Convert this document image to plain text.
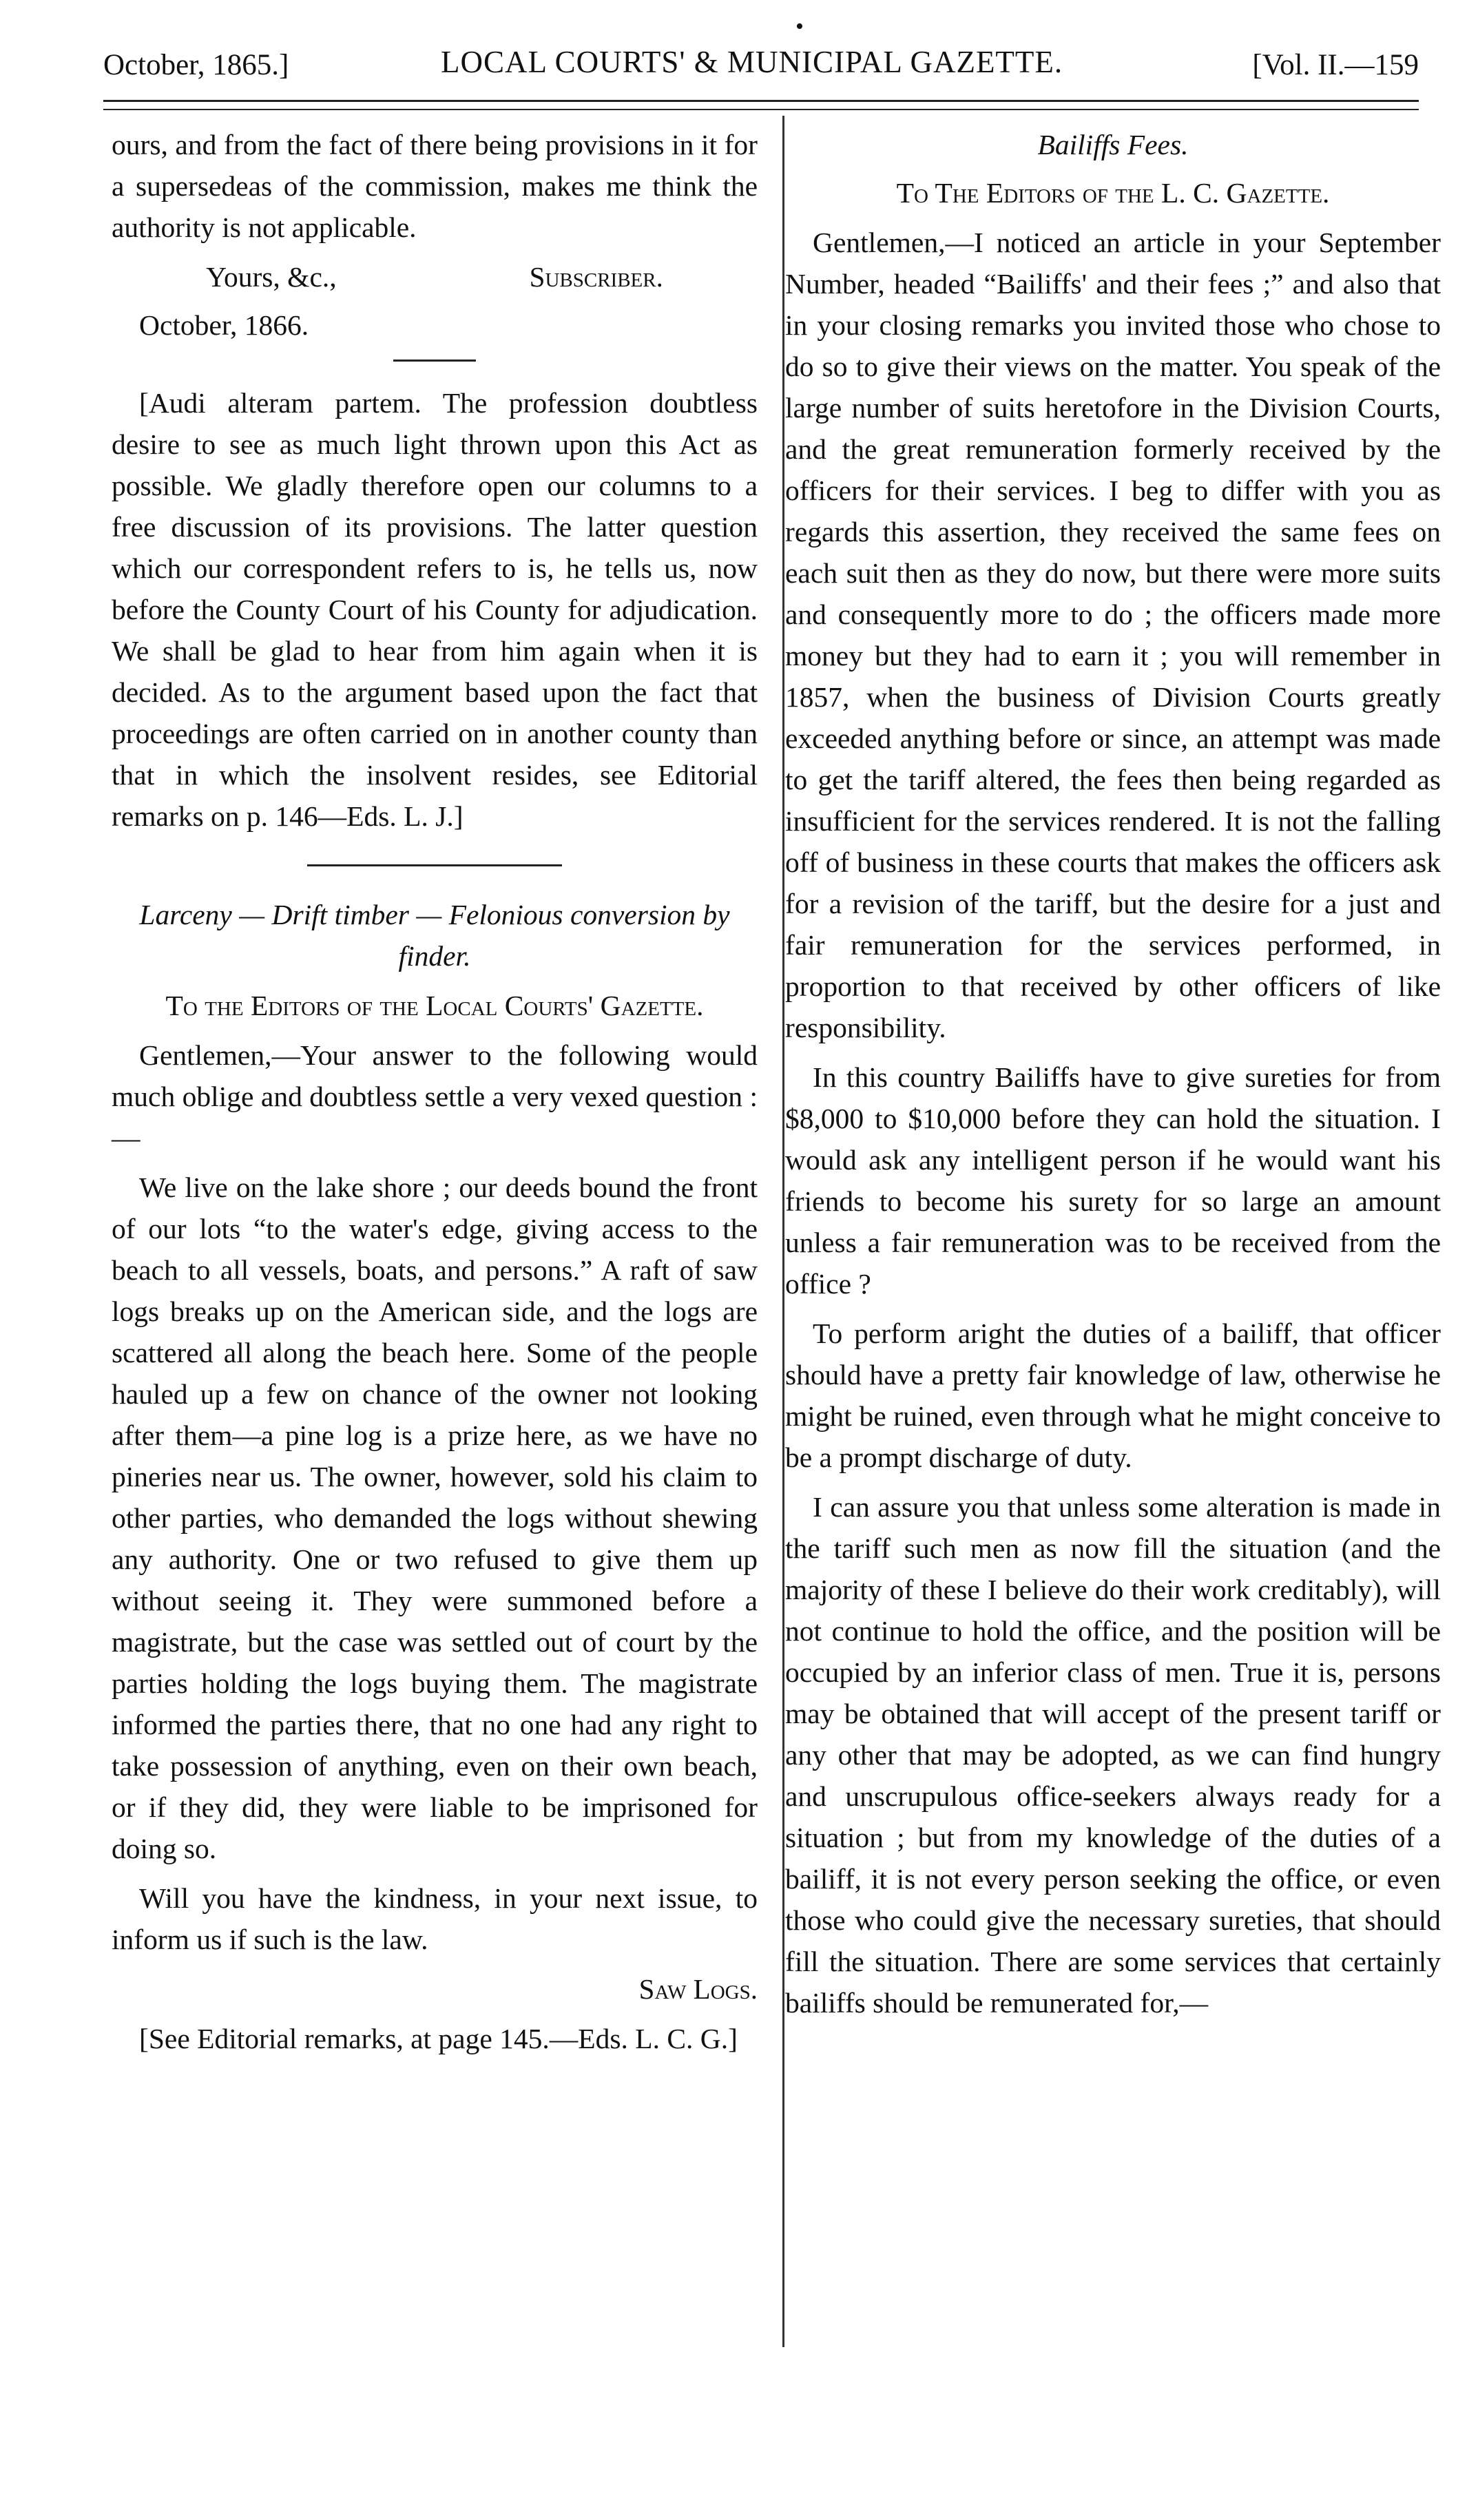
•
October, 1865.]	LOCAL COURTS' & MUNICIPAL GAZETTE.	[Vol. II.—159

ours, and from the fact of there being provisions in it for a supersedeas of the commission, makes me think the authority is not applicable.

Yours, &c.,	Subscriber.

October, 1866.

[Audi alteram partem. The profession doubtless desire to see as much light thrown upon this Act as possible. We gladly therefore open our columns to a free discussion of its provisions. The latter question which our correspondent refers to is, he tells us, now before the County Court of his County for adjudication. We shall be glad to hear from him again when it is decided. As to the argument based upon the fact that proceedings are often carried on in another county than that in which the insolvent resides, see Editorial remarks on p. 146—Eds. L. J.]

Larceny — Drift timber — Felonious conversion by finder.

To the Editors of the Local Courts' Gazette.

Gentlemen,—Your answer to the following would much oblige and doubtless settle a very vexed question :—

We live on the lake shore ; our deeds bound the front of our lots “to the water's edge, giving access to the beach to all vessels, boats, and persons.” A raft of saw logs breaks up on the American side, and the logs are scattered all along the beach here. Some of the people hauled up a few on chance of the owner not looking after them—a pine log is a prize here, as we have no pineries near us. The owner, however, sold his claim to other parties, who demanded the logs without shewing any authority. One or two refused to give them up without seeing it. They were summoned before a magistrate, but the case was settled out of court by the parties holding the logs buying them. The magistrate informed the parties there, that no one had any right to take possession of anything, even on their own beach, or if they did, they were liable to be imprisoned for doing so.

Will you have the kindness, in your next issue, to inform us if such is the law.

Saw Logs.

[See Editorial remarks, at page 145.—Eds. L. C. G.]

Bailiffs Fees.

To The Editors of the L. C. Gazette.

Gentlemen,—I noticed an article in your September Number, headed “Bailiffs' and their fees ;” and also that in your closing remarks you invited those who chose to do so to give their views on the matter. You speak of the large number of suits heretofore in the Division Courts, and the great remuneration formerly received by the officers for their services. I beg to differ with you as regards this assertion, they received the same fees on each suit then as they do now, but there were more suits and consequently more to do ; the officers made more money but they had to earn it ; you will remember in 1857, when the business of Division Courts greatly exceeded anything before or since, an attempt was made to get the tariff altered, the fees then being regarded as insufficient for the services rendered. It is not the falling off of business in these courts that makes the officers ask for a revision of the tariff, but the desire for a just and fair remuneration for the services performed, in proportion to that received by other officers of like responsibility.

In this country Bailiffs have to give sureties for from $8,000 to $10,000 before they can hold the situation. I would ask any intelligent person if he would want his friends to become his surety for so large an amount unless a fair remuneration was to be received from the office ?

To perform aright the duties of a bailiff, that officer should have a pretty fair knowledge of law, otherwise he might be ruined, even through what he might conceive to be a prompt discharge of duty.

I can assure you that unless some alteration is made in the tariff such men as now fill the situation (and the majority of these I believe do their work creditably), will not continue to hold the office, and the position will be occupied by an inferior class of men. True it is, persons may be obtained that will accept of the present tariff or any other that may be adopted, as we can find hungry and unscrupulous office-seekers always ready for a situation ; but from my knowledge of the duties of a bailiff, it is not every person seeking the office, or even those who could give the necessary sureties, that should fill the situation. There are some services that certainly bailiffs should be remunerated for,—
